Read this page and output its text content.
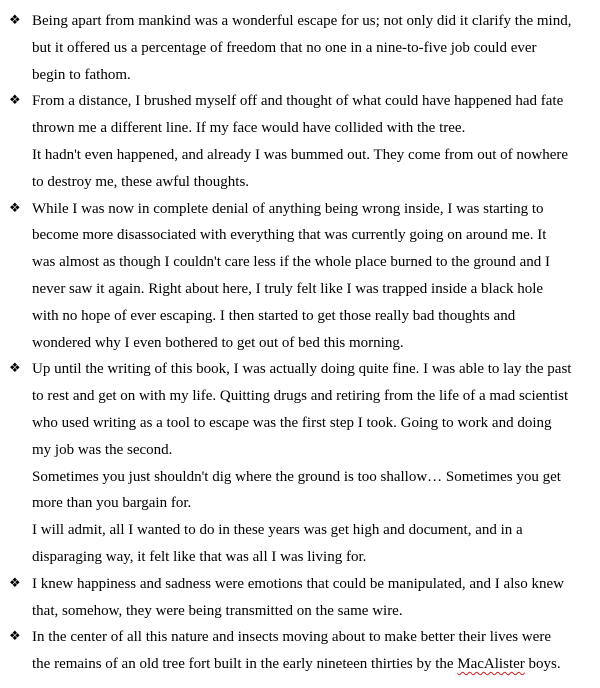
❖ Being apart from mankind was a wonderful escape for us; not only did it clarify the mind,
but it offered us a percentage of freedom that no one in a nine-to-five job could ever
begin to fathom.

❖ From a distance, I brushed myself off and thought of what could have happened had fate
thrown me a different line. If my face would have collided with the tree.

It hadn't even happened, and already I was bummed out. They come from out of nowhere
to destroy me, these awful thoughts.

❖ While I was now in complete denial of anything being wrong inside, I was starting to
become more disassociated with everything that was currently going on around me. It
was almost as though I couldn't care less if the whole place burned to the ground and I
never saw it again. Right about here, I truly felt like I was trapped inside a black hole
with no hope of ever escaping. I then started to get those really bad thoughts and
wondered why I even bothered to get out of bed this morning.

❖ Up until the writing of this book, I was actually doing quite fine. I was able to lay the past
to rest and get on with my life. Quitting drugs and retiring from the life of a mad scientist
who used writing as a tool to escape was the first step I took. Going to work and doing
my job was the second.

Sometimes you just shouldn't dig where the ground is too shallow… Sometimes you get
more than you bargain for.

I will admit, all I wanted to do in these years was get high and document, and in a
disparaging way, it felt like that was all I was living for.

❖ I knew happiness and sadness were emotions that could be manipulated, and I also knew
that, somehow, they were being transmitted on the same wire.

❖ In the center of all this nature and insects moving about to make better their lives were
the remains of an old tree fort built in the early nineteen thirties by the MacAlister boys.
